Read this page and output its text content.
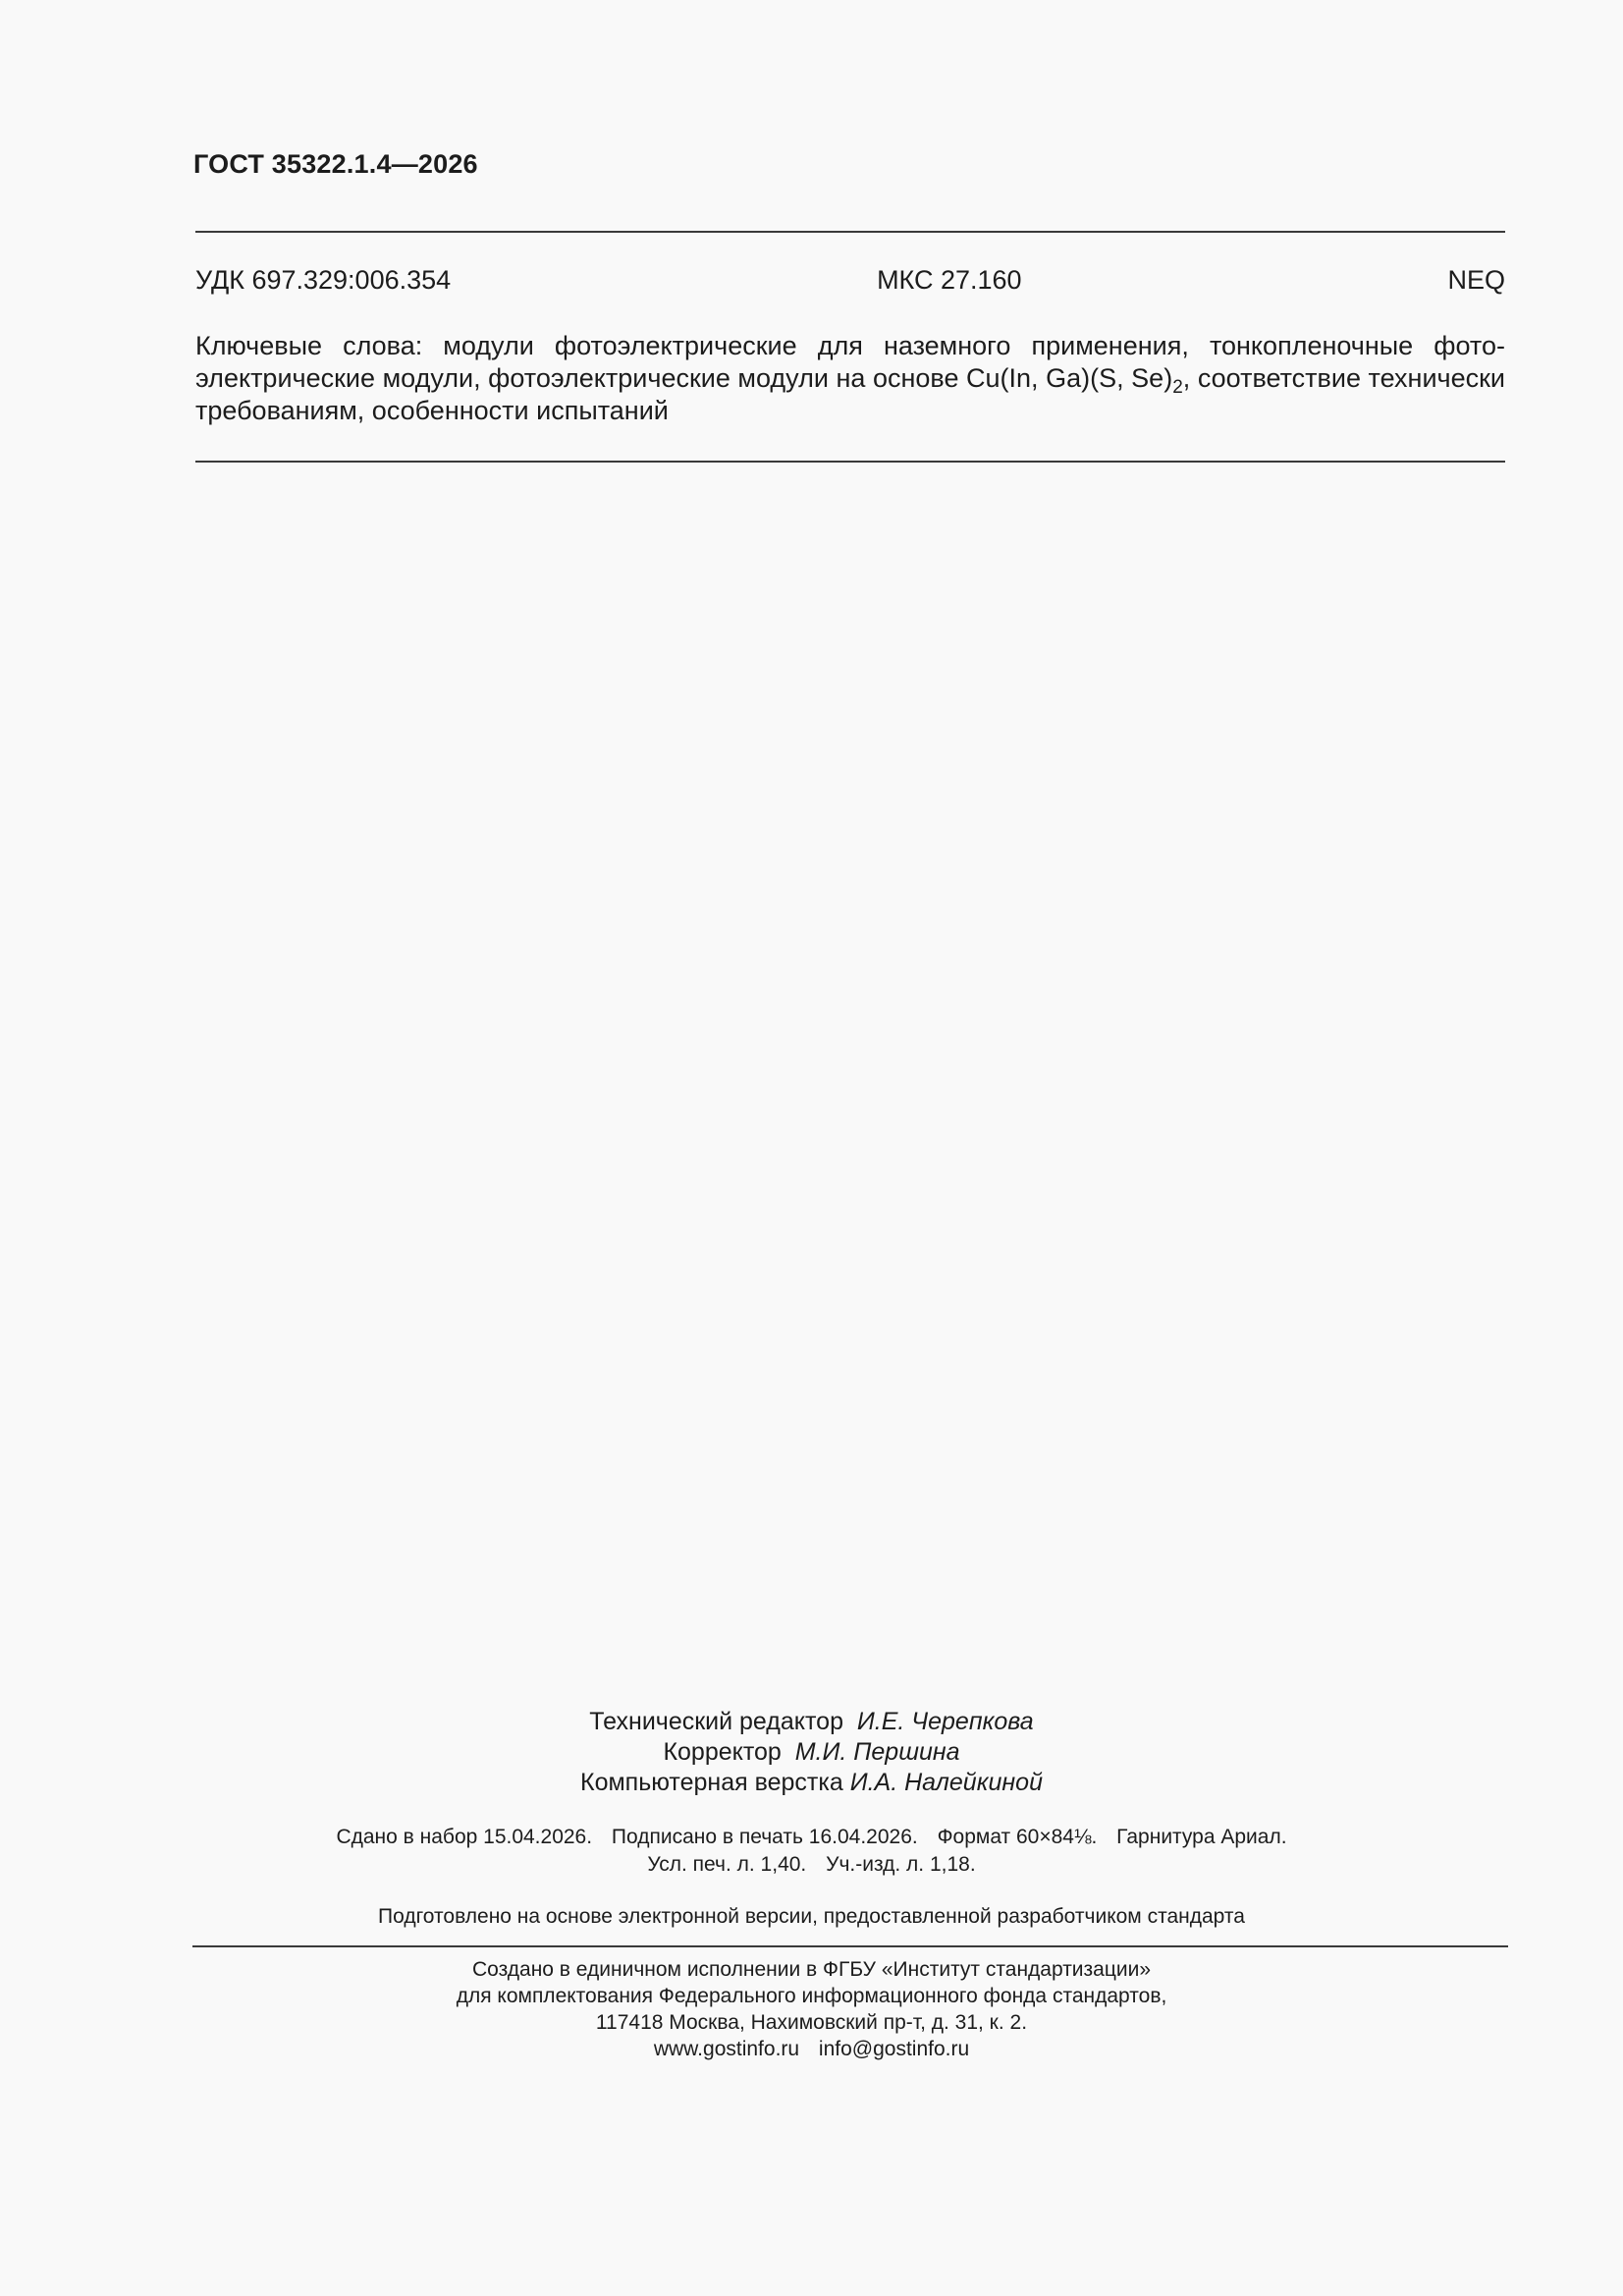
ГОСТ 35322.1.4—2026
УДК 697.329:006.354	МКС 27.160	NEQ
Ключевые слова: модули фотоэлектрические для наземного применения, тонкопленочные фото-электрические модули, фотоэлектрические модули на основе Cu(In, Ga)(S, $Se)_2$, соответствие технически требованиям, особенности испытаний
Технический редактор И.Е. Черепкова
Корректор М.И. Першина
Компьютерная верстка И.А. Налейкиной
Сдано в набор 15.04.2026. Подписано в печать 16.04.2026. Формат 60×84⅛. Гарнитура Ариал.
Усл. печ. л. 1,40. Уч.-изд. л. 1,18.
Подготовлено на основе электронной версии, предоставленной разработчиком стандарта
Создано в единичном исполнении в ФГБУ «Институт стандартизации»
для комплектования Федерального информационного фонда стандартов,
117418 Москва, Нахимовский пр-т, д. 31, к. 2.
www.gostinfo.ru info@gostinfo.ru
